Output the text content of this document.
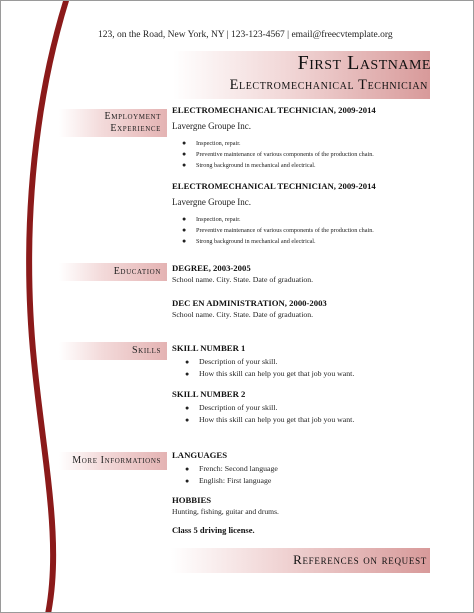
123, on the Road, New York, NY | 123-123-4567 | email@freecvtemplate.org
First Lastname
Electromechanical Technician
Employment
Experience
ELECTROMECHANICAL TECHNICIAN, 2009-2014
Lavergne Groupe Inc.
● Inspection, repair.
● Preventive maintenance of various components of the production chain.
● Strong background in mechanical and electrical.
ELECTROMECHANICAL TECHNICIAN, 2009-2014
Lavergne Groupe Inc.
● Inspection, repair.
● Preventive maintenance of various components of the production chain.
● Strong background in mechanical and electrical.
Education DEGREE, 2003-2005
School name. City. State. Date of graduation.
DEC EN ADMINISTRATION, 2000-2003
School name. City. State. Date of graduation.
Skills SKILL NUMBER 1
● Description of your skill.
● How this skill can help you get that job you want.
SKILL NUMBER 2
● Description of your skill.
● How this skill can help you get that job you want.
More Informations LANGUAGES
● French: Second language
● English: First language
HOBBIES
Hunting, fishing, guitar and drums.
Class 5 driving license.
References on request
